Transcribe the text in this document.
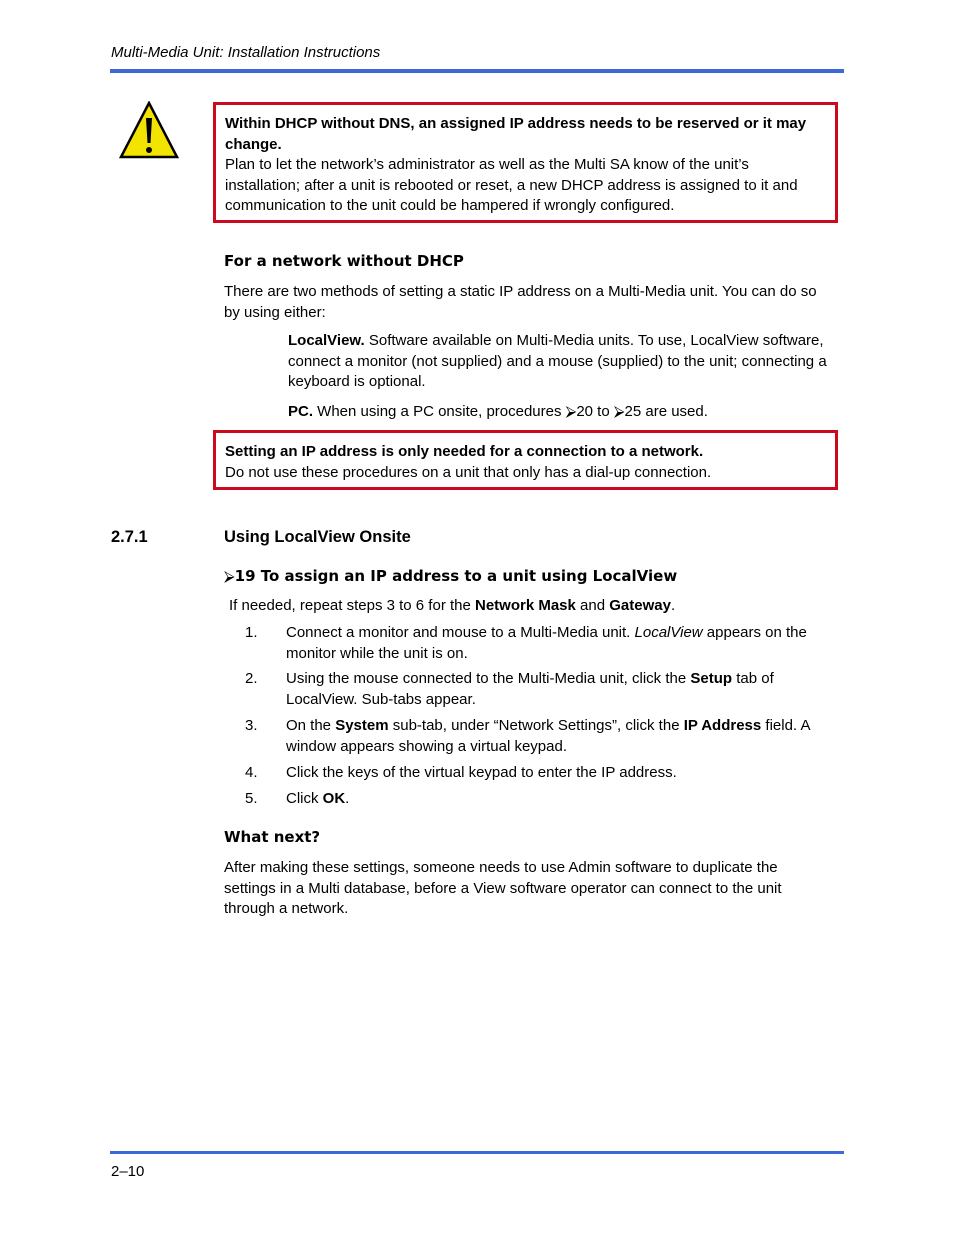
Multi-Media Unit: Installation Instructions
Within DHCP without DNS, an assigned IP address needs to be reserved or it may change.
Plan to let the network’s administrator as well as the Multi SA know of the unit’s installation; after a unit is rebooted or reset, a new DHCP address is assigned to it and communication to the unit could be hampered if wrongly configured.
For a network without DHCP
There are two methods of setting a static IP address on a Multi-Media unit. You can do so by using either:
LocalView. Software available on Multi-Media units. To use, LocalView software, connect a monitor (not supplied) and a mouse (supplied) to the unit; connecting a keyboard is optional.
PC. When using a PC onsite, procedures ⮚20 to ⮚25 are used.
Setting an IP address is only needed for a connection to a network.
Do not use these procedures on a unit that only has a dial-up connection.
2.7.1	Using LocalView Onsite
⮚19 To assign an IP address to a unit using LocalView
If needed, repeat steps 3 to 6 for the Network Mask and Gateway.
1.	Connect a monitor and mouse to a Multi-Media unit. LocalView appears on the monitor while the unit is on.
2.	Using the mouse connected to the Multi-Media unit, click the Setup tab of LocalView. Sub-tabs appear.
3.	On the System sub-tab, under “Network Settings”, click the IP Address field. A window appears showing a virtual keypad.
4.	Click the keys of the virtual keypad to enter the IP address.
5.	Click OK.
What next?
After making these settings, someone needs to use Admin software to duplicate the settings in a Multi database, before a View software operator can connect to the unit through a network.
2–10
